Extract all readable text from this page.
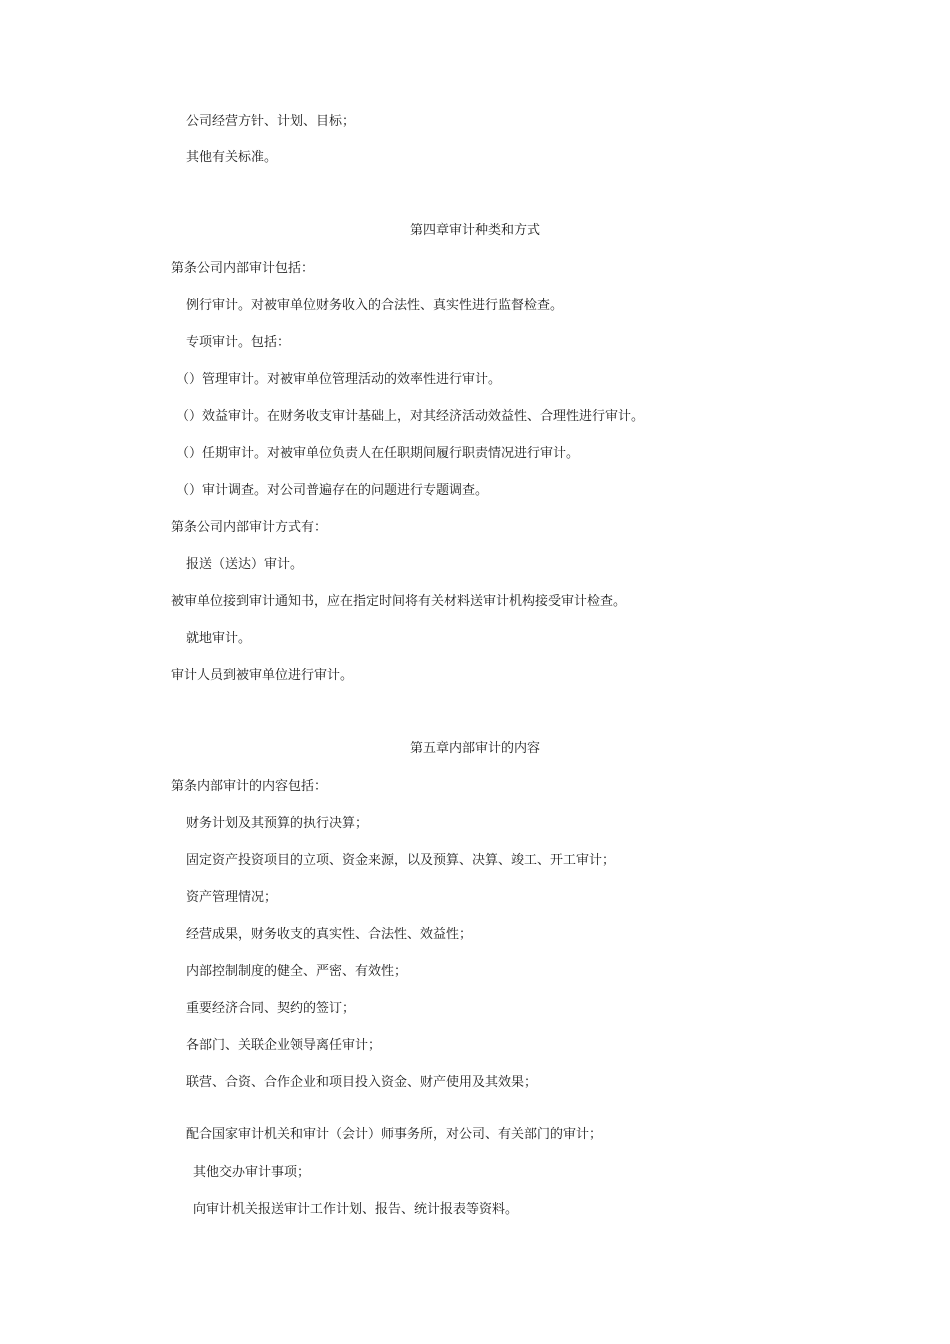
公司经营方针、计划、目标；
其他有关标准。
第四章审计种类和方式
第条公司内部审计包括：
例行审计。对被审单位财务收入的合法性、真实性进行监督检查。
专项审计。包括：
（）管理审计。对被审单位管理活动的效率性进行审计。
（）效益审计。在财务收支审计基础上，对其经济活动效益性、合理性进行审计。
（）任期审计。对被审单位负责人在任职期间履行职责情况进行审计。
（）审计调查。对公司普遍存在的问题进行专题调查。
第条公司内部审计方式有：
报送（送达）审计。
被审单位接到审计通知书，应在指定时间将有关材料送审计机构接受审计检查。
就地审计。
审计人员到被审单位进行审计。
第五章内部审计的内容
第条内部审计的内容包括：
财务计划及其预算的执行决算；
固定资产投资项目的立项、资金来源，以及预算、决算、竣工、开工审计；
资产管理情况；
经营成果，财务收支的真实性、合法性、效益性；
内部控制制度的健全、严密、有效性；
重要经济合同、契约的签订；
各部门、关联企业领导离任审计；
联营、合资、合作企业和项目投入资金、财产使用及其效果；
配合国家审计机关和审计（会计）师事务所，对公司、有关部门的审计；
其他交办审计事项；
向审计机关报送审计工作计划、报告、统计报表等资料。
